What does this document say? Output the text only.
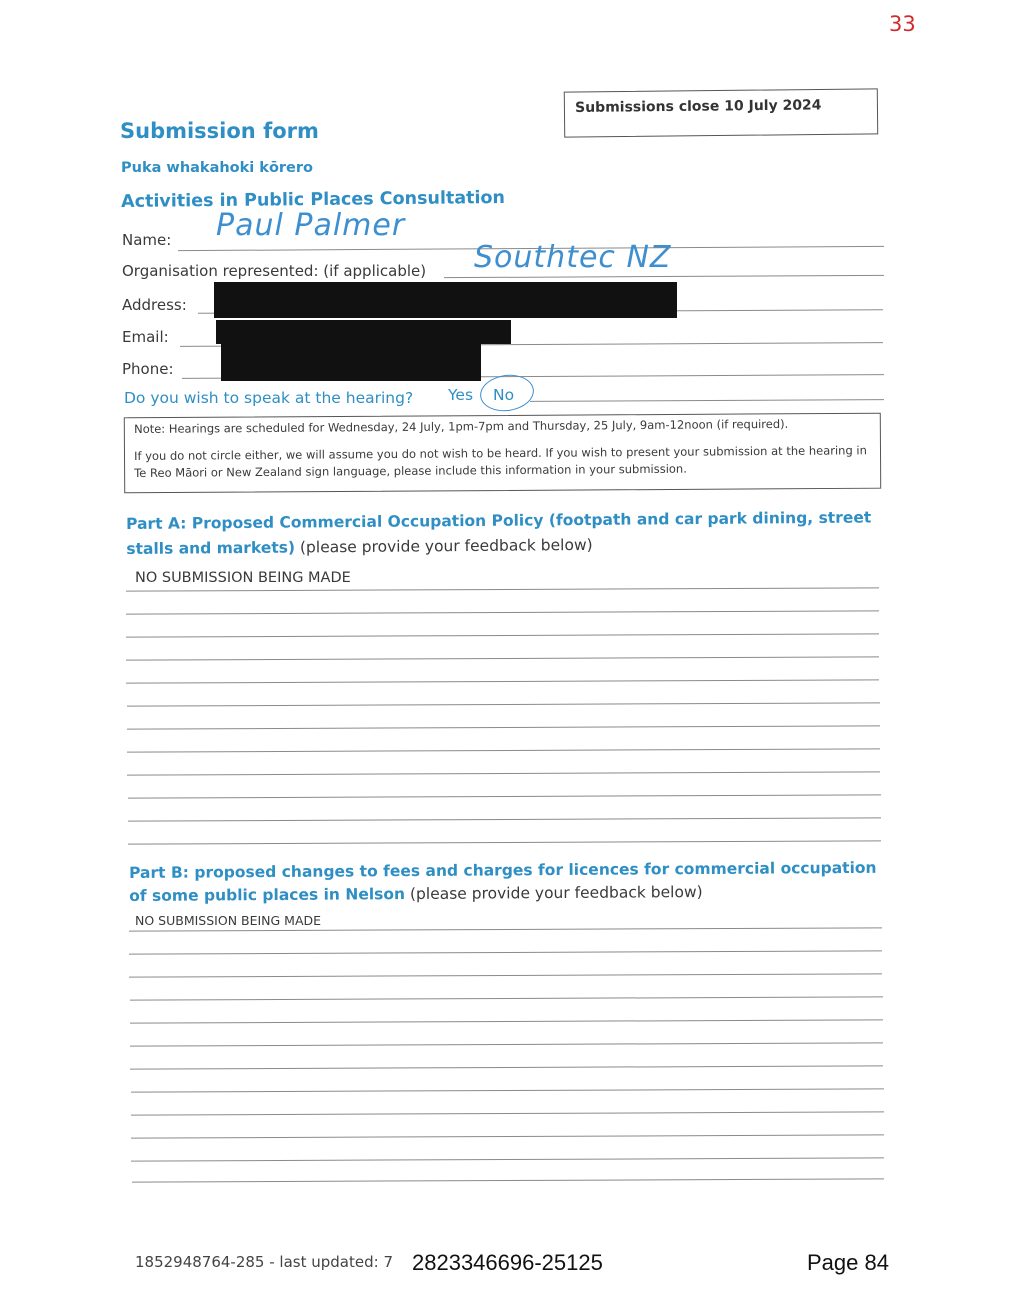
33
Submissions close 10 July 2024
Submission form
Puka whakahoki kōrero
Activities in Public Places Consultation
Name: Paul Palmer
Organisation represented: (if applicable) Southtec NZ
Address:
Email:
Phone:
Do you wish to speak at the hearing? Yes No
Note: Hearings are scheduled for Wednesday, 24 July, 1pm-7pm and Thursday, 25 July, 9am-12noon (if required).
If you do not circle either, we will assume you do not wish to be heard. If you wish to present your submission at the hearing in Te Reo Māori or New Zealand sign language, please include this information in your submission.
Part A: Proposed Commercial Occupation Policy (footpath and car park dining, street stalls and markets) (please provide your feedback below)
NO SUBMISSION BEING MADE
Part B: proposed changes to fees and charges for licences for commercial occupation of some public places in Nelson (please provide your feedback below)
NO SUBMISSION BEING MADE
1852948764-285 - last updated: 7 2823346696-25125	Page 84
